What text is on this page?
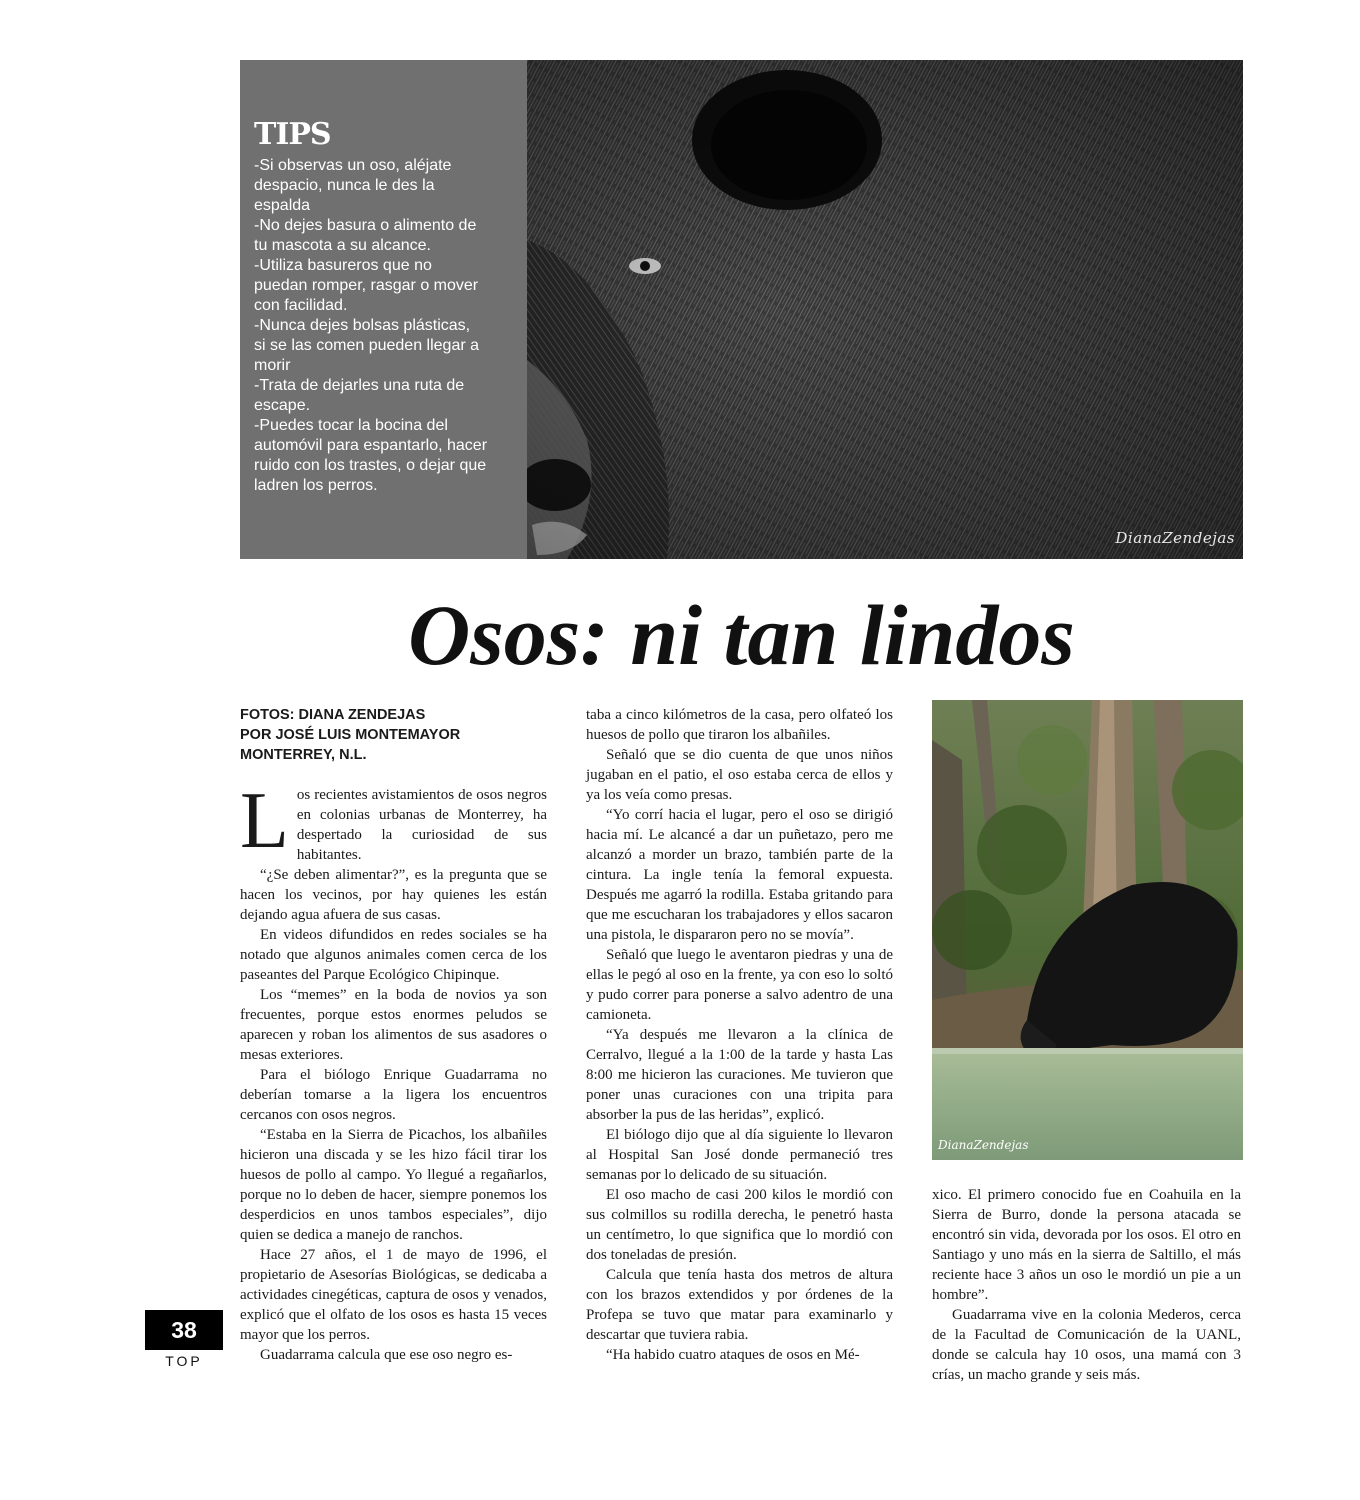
TIPS
-Si observas un oso, aléjate
despacio, nunca le des la
espalda
-No dejes basura o alimento de
tu mascota a su alcance.
-Utiliza basureros que no
puedan romper, rasgar o mover
con facilidad.
-Nunca dejes bolsas plásticas,
si se las comen pueden llegar a
morir
-Trata de dejarles una ruta de
escape.
-Puedes tocar la bocina del
automóvil para espantarlo, hacer
ruido con los trastes, o dejar que
ladren los perros.
DianaZendejas
Osos: ni tan lindos
FOTOS: DIANA ZENDEJAS
POR JOSÉ LUIS MONTEMAYOR
MONTERREY, N.L.

Los recientes avistamientos de osos negros en colonias urbanas de Monterrey, ha despertado la curiosidad de sus habitantes.

“¿Se deben alimentar?”, es la pregunta que se hacen los vecinos, por hay quienes les están dejando agua afuera de sus casas.

En videos difundidos en redes sociales se ha notado que algunos animales comen cerca de los paseantes del Parque Ecológico Chipinque.

Los “memes” en la boda de novios ya son frecuentes, porque estos enormes peludos se aparecen y roban los alimentos de sus asadores o mesas exteriores.

Para el biólogo Enrique Guadarrama no deberían tomarse a la ligera los encuentros cercanos con osos negros.

“Estaba en la Sierra de Picachos, los albañiles hicieron una discada y se les hizo fácil tirar los huesos de pollo al campo. Yo llegué a regañarlos, porque no lo deben de hacer, siempre ponemos los desperdicios en unos tambos especiales”, dijo quien se dedica a manejo de ranchos.

Hace 27 años, el 1 de mayo de 1996, el propietario de Asesorías Biológicas, se dedicaba a actividades cinegéticas, captura de osos y venados, explicó que el olfato de los osos es hasta 15 veces mayor que los perros.

Guadarrama calcula que ese oso negro es-

taba a cinco kilómetros de la casa, pero olfateó los huesos de pollo que tiraron los albañiles.

Señaló que se dio cuenta de que unos niños jugaban en el patio, el oso estaba cerca de ellos y ya los veía como presas.

“Yo corrí hacia el lugar, pero el oso se dirigió hacia mí. Le alcancé a dar un puñetazo, pero me alcanzó a morder un brazo, también parte de la cintura. La ingle tenía la femoral expuesta. Después me agarró la rodilla. Estaba gritando para que me escucharan los trabajadores y ellos sacaron una pistola, le dispararon pero no se movía”.

Señaló que luego le aventaron piedras y una de ellas le pegó al oso en la frente, ya con eso lo soltó y pudo correr para ponerse a salvo adentro de una camioneta.

“Ya después me llevaron a la clínica de Cerralvo, llegué a la 1:00 de la tarde y hasta Las 8:00 me hicieron las curaciones. Me tuvieron que poner unas curaciones con una tripita para absorber la pus de las heridas”, explicó.

El biólogo dijo que al día siguiente lo llevaron al Hospital San José donde permaneció tres semanas por lo delicado de su situación.

El oso macho de casi 200 kilos le mordió con sus colmillos su rodilla derecha, le penetró hasta un centímetro, lo que significa que lo mordió con dos toneladas de presión.

Calcula que tenía hasta dos metros de altura con los brazos extendidos y por órdenes de la Profepa se tuvo que matar para examinarlo y descartar que tuviera rabia.

“Ha habido cuatro ataques de osos en Mé-

DianaZendejas

xico. El primero conocido fue en Coahuila en la Sierra de Burro, donde la persona atacada se encontró sin vida, devorada por los osos. El otro en Santiago y uno más en la sierra de Saltillo, el más reciente hace 3 años un oso le mordió un pie a un hombre”.

Guadarrama vive en la colonia Mederos, cerca de la Facultad de Comunicación de la UANL, donde se calcula hay 10 osos, una mamá con 3 crías, un macho grande y seis más.

38
TOP
